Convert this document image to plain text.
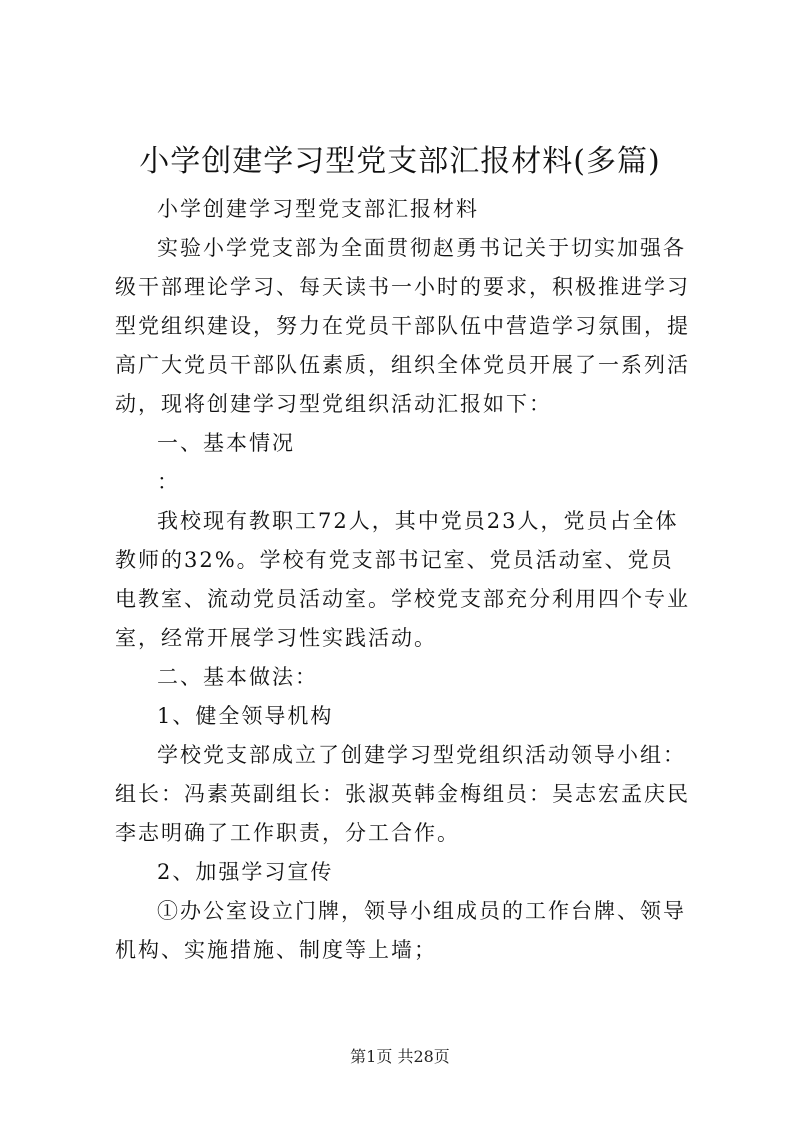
小学创建学习型党支部汇报材料(多篇)

小学创建学习型党支部汇报材料

实验小学党支部为全面贯彻赵勇书记关于切实加强各级干部理论学习、每天读书一小时的要求，积极推进学习型党组织建设，努力在党员干部队伍中营造学习氛围，提高广大党员干部队伍素质，组织全体党员开展了一系列活动，现将创建学习型党组织活动汇报如下：

一、基本情况

：

我校现有教职工72人，其中党员23人，党员占全体教师的32%。学校有党支部书记室、党员活动室、党员电教室、流动党员活动室。学校党支部充分利用四个专业室，经常开展学习性实践活动。

二、基本做法：

1、健全领导机构

学校党支部成立了创建学习型党组织活动领导小组：组长：冯素英副组长：张淑英韩金梅组员：吴志宏孟庆民李志明确了工作职责，分工合作。

2、加强学习宣传

①办公室设立门牌，领导小组成员的工作台牌、领导机构、实施措施、制度等上墙；

第1页 共28页
